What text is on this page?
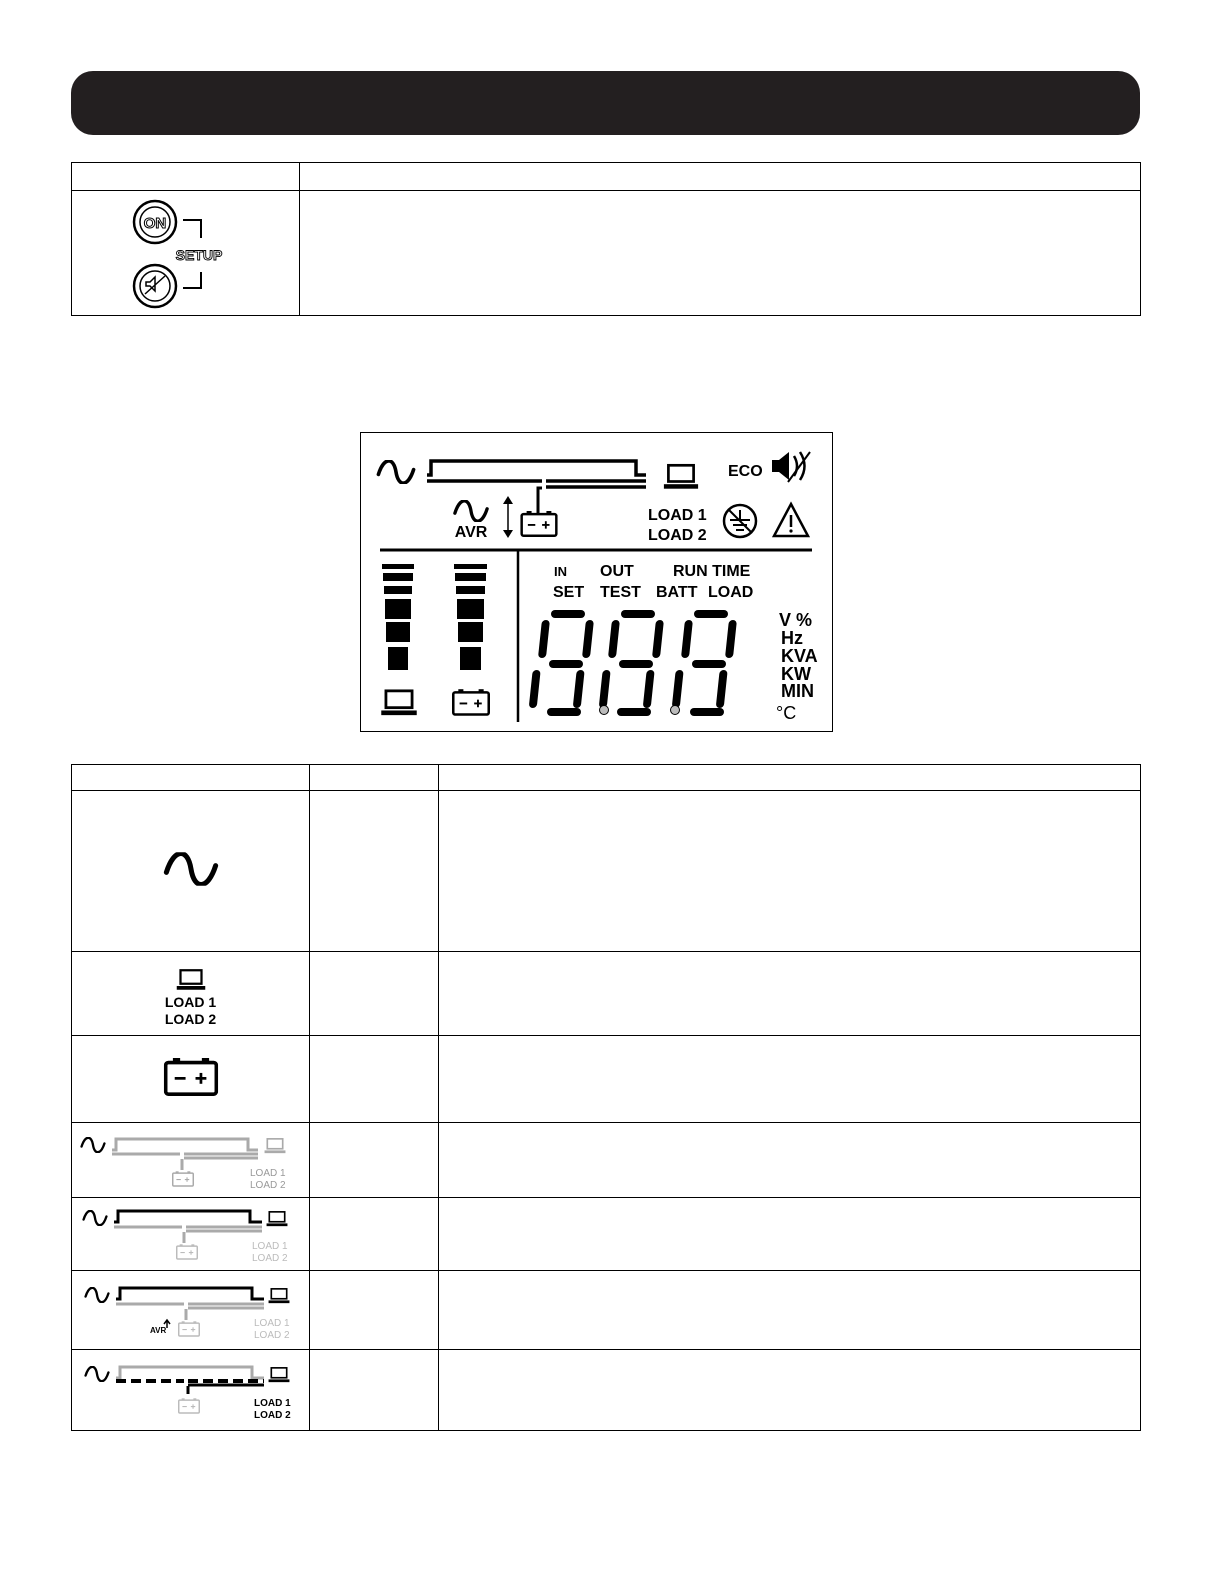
ON
SETUP	

ECO
AVR
LOAD 1
LOAD 2
IN OUT RUN TIME
SET TEST BATT LOAD
V %
Hz
KVA
KW
MIN
°C

LOAD 1
LOAD 2		

LOAD 1
LOAD 2		

LOAD 1
LOAD 2		

AVR
LOAD 1
LOAD 2		

LOAD 1
LOAD 2		
